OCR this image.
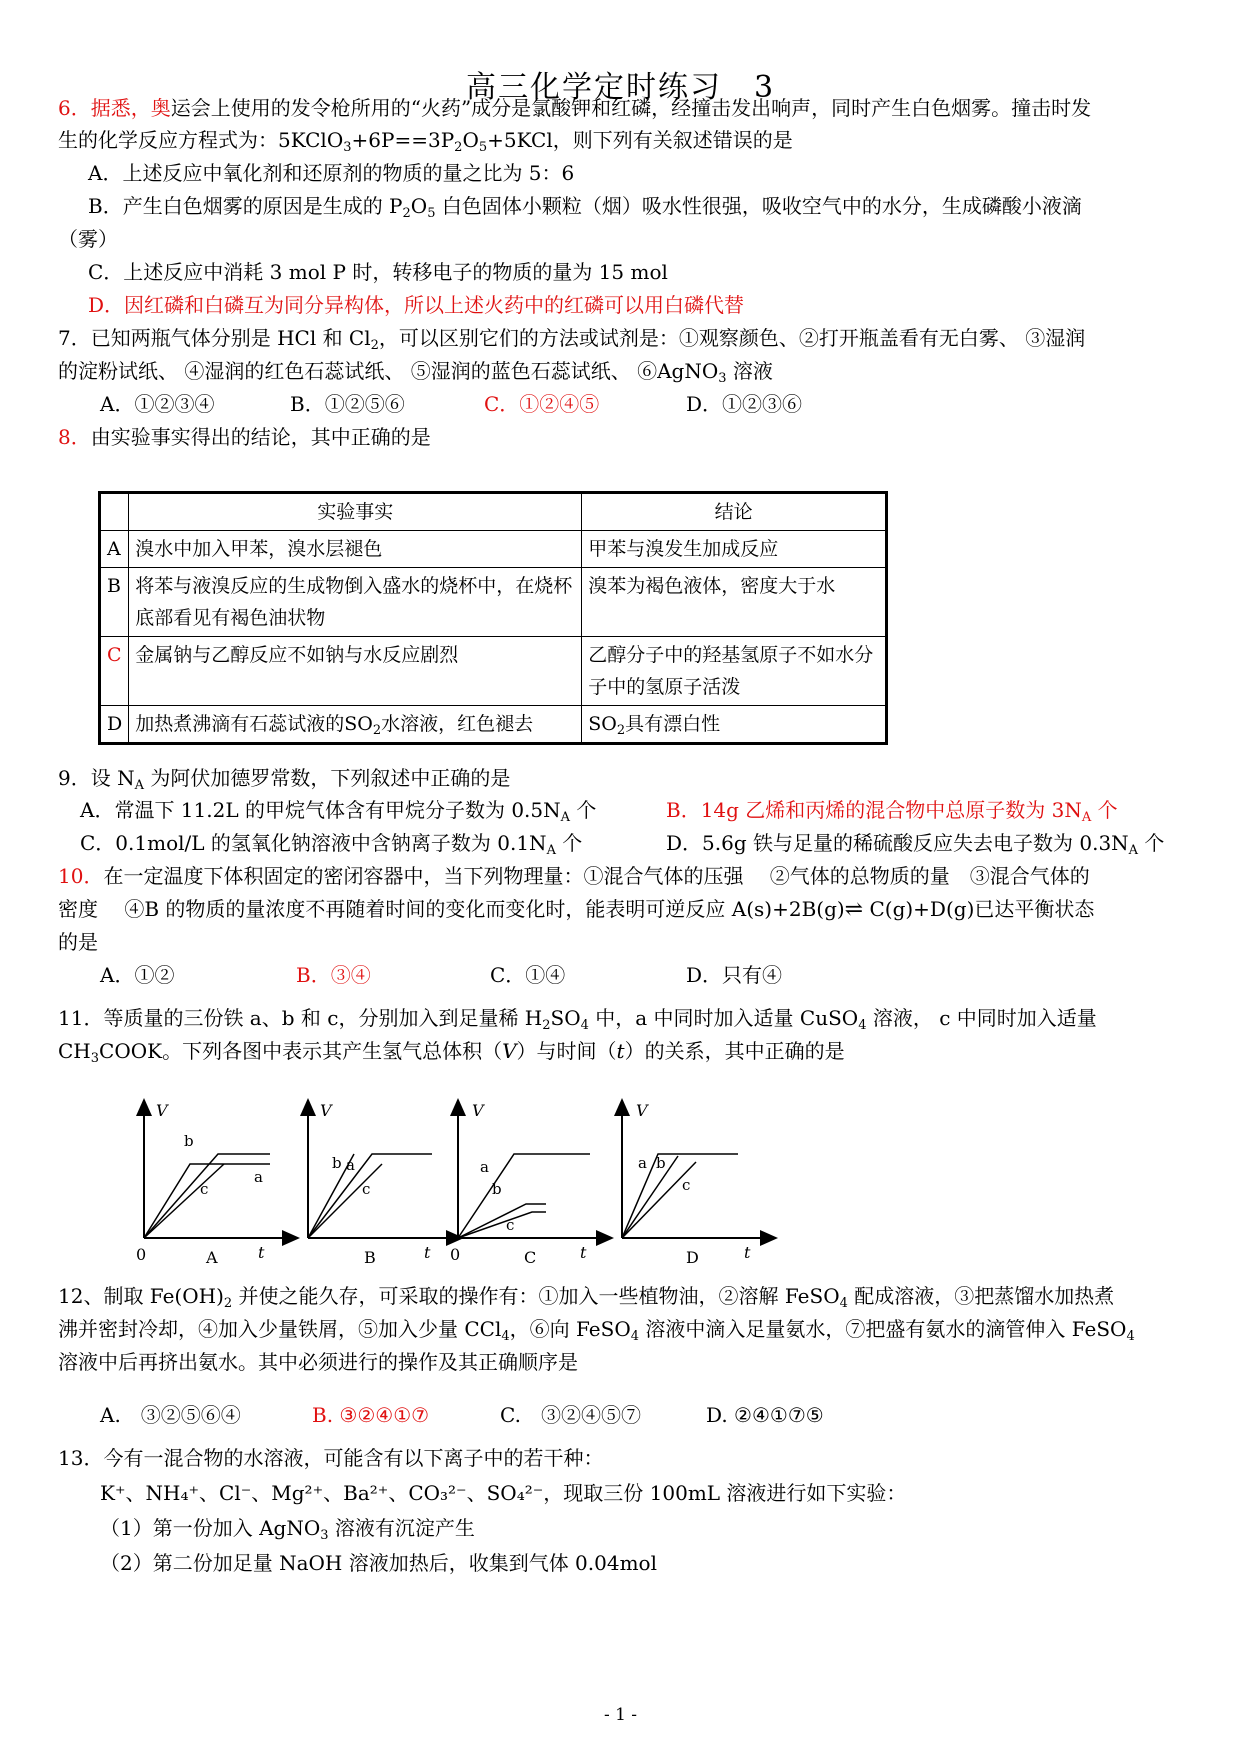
高三化学定时练习　3
6．据悉，奥运会上使用的发令枪所用的“火药”成分是氯酸钾和红磷，经撞击发出响声，同时产生白色烟雾。撞击时发
生的化学反应方程式为：$5KClO_3+6P==3P_2O_5+5KCl$，则下列有关叙述错误的是
A．上述反应中氧化剂和还原剂的物质的量之比为 5：6
B．产生白色烟雾的原因是生成的 $P_2O_5$ 白色固体小颗粒（烟）吸水性很强，吸收空气中的水分，生成磷酸小液滴
（雾）
C．上述反应中消耗 3 mol P 时，转移电子的物质的量为 15 mol
D．因红磷和白磷互为同分异构体，所以上述火药中的红磷可以用白磷代替
7．已知两瓶气体分别是 HCl 和 $Cl_2$，可以区别它们的方法或试剂是：①观察颜色、②打开瓶盖看有无白雾、 ③湿润
的淀粉试纸、 ④湿润的红色石蕊试纸、 ⑤湿润的蓝色石蕊试纸、 ⑥AgNO$_3$ 溶液
A．①②③④	B．①②⑤⑥	C．①②④⑤	D．①②③⑥
8．由实验事实得出的结论，其中正确的是
	实验事实	结论
A	溴水中加入甲苯，溴水层褪色	甲苯与溴发生加成反应
B	将苯与液溴反应的生成物倒入盛水的烧杯中，在烧杯底部看见有褐色油状物	溴苯为褐色液体，密度大于水
C	金属钠与乙醇反应不如钠与水反应剧烈	乙醇分子中的羟基氢原子不如水分子中的氢原子活泼
D	加热煮沸滴有石蕊试液的$SO_2$水溶液，红色褪去	$SO_2$具有漂白性
9．设 $N_A$ 为阿伏加德罗常数，下列叙述中正确的是
A．常温下 11.2L 的甲烷气体含有甲烷分子数为 $0.5N_A$ 个	B．14g 乙烯和丙烯的混合物中总原子数为 $3N_A$ 个
C．0.1mol/L 的氢氧化钠溶液中含钠离子数为 $0.1N_A$ 个	D．5.6g 铁与足量的稀硫酸反应失去电子数为 $0.3N_A$ 个
10．在一定温度下体积固定的密闭容器中，当下列物理量：①混合气体的压强　 ②气体的总物质的量　③混合气体的
密度　 ④B 的物质的量浓度不再随着时间的变化而变化时，能表明可逆反应 A(s)+2B(g)⇌ C(g)+D(g)已达平衡状态
的是
A．①②	B．③④	C．①④	D．只有④
11．等质量的三份铁 a、b 和 c，分别加入到足量稀 $H_2SO_4$ 中，a 中同时加入适量 CuSO$_4$ 溶液， c 中同时加入适量
$CH_3COOK$。下列各图中表示其产生氢气总体积（V）与时间（t）的关系，其中正确的是
V
t
0	A
b
a
c
V
t
B
b a
c
V
t
0	C
a
b
c
V
t
D
a b
c
12、制取 $Fe(OH)_2$ 并使之能久存，可采取的操作有：①加入一些植物油，②溶解 FeSO$_4$ 配成溶液，③把蒸馏水加热煮
沸并密封冷却，④加入少量铁屑，⑤加入少量 CCl$_4$，⑥向 FeSO$_4$ 溶液中滴入足量氨水，⑦把盛有氨水的滴管伸入 FeSO$_4$
溶液中后再挤出氨水。其中必须进行的操作及其正确顺序是
A.　③②⑤⑥④	B. ③②④①⑦	C.　③②④⑤⑦	D. ②④①⑦⑤
13．今有一混合物的水溶液，可能含有以下离子中的若干种：
K⁺、NH₄⁺、Cl⁻、Mg²⁺、Ba²⁺、CO₃²⁻、SO₄²⁻，现取三份 100mL 溶液进行如下实验：
（1）第一份加入 AgNO$_3$ 溶液有沉淀产生
（2）第二份加足量 NaOH 溶液加热后，收集到气体 0.04mol
- 1 -
